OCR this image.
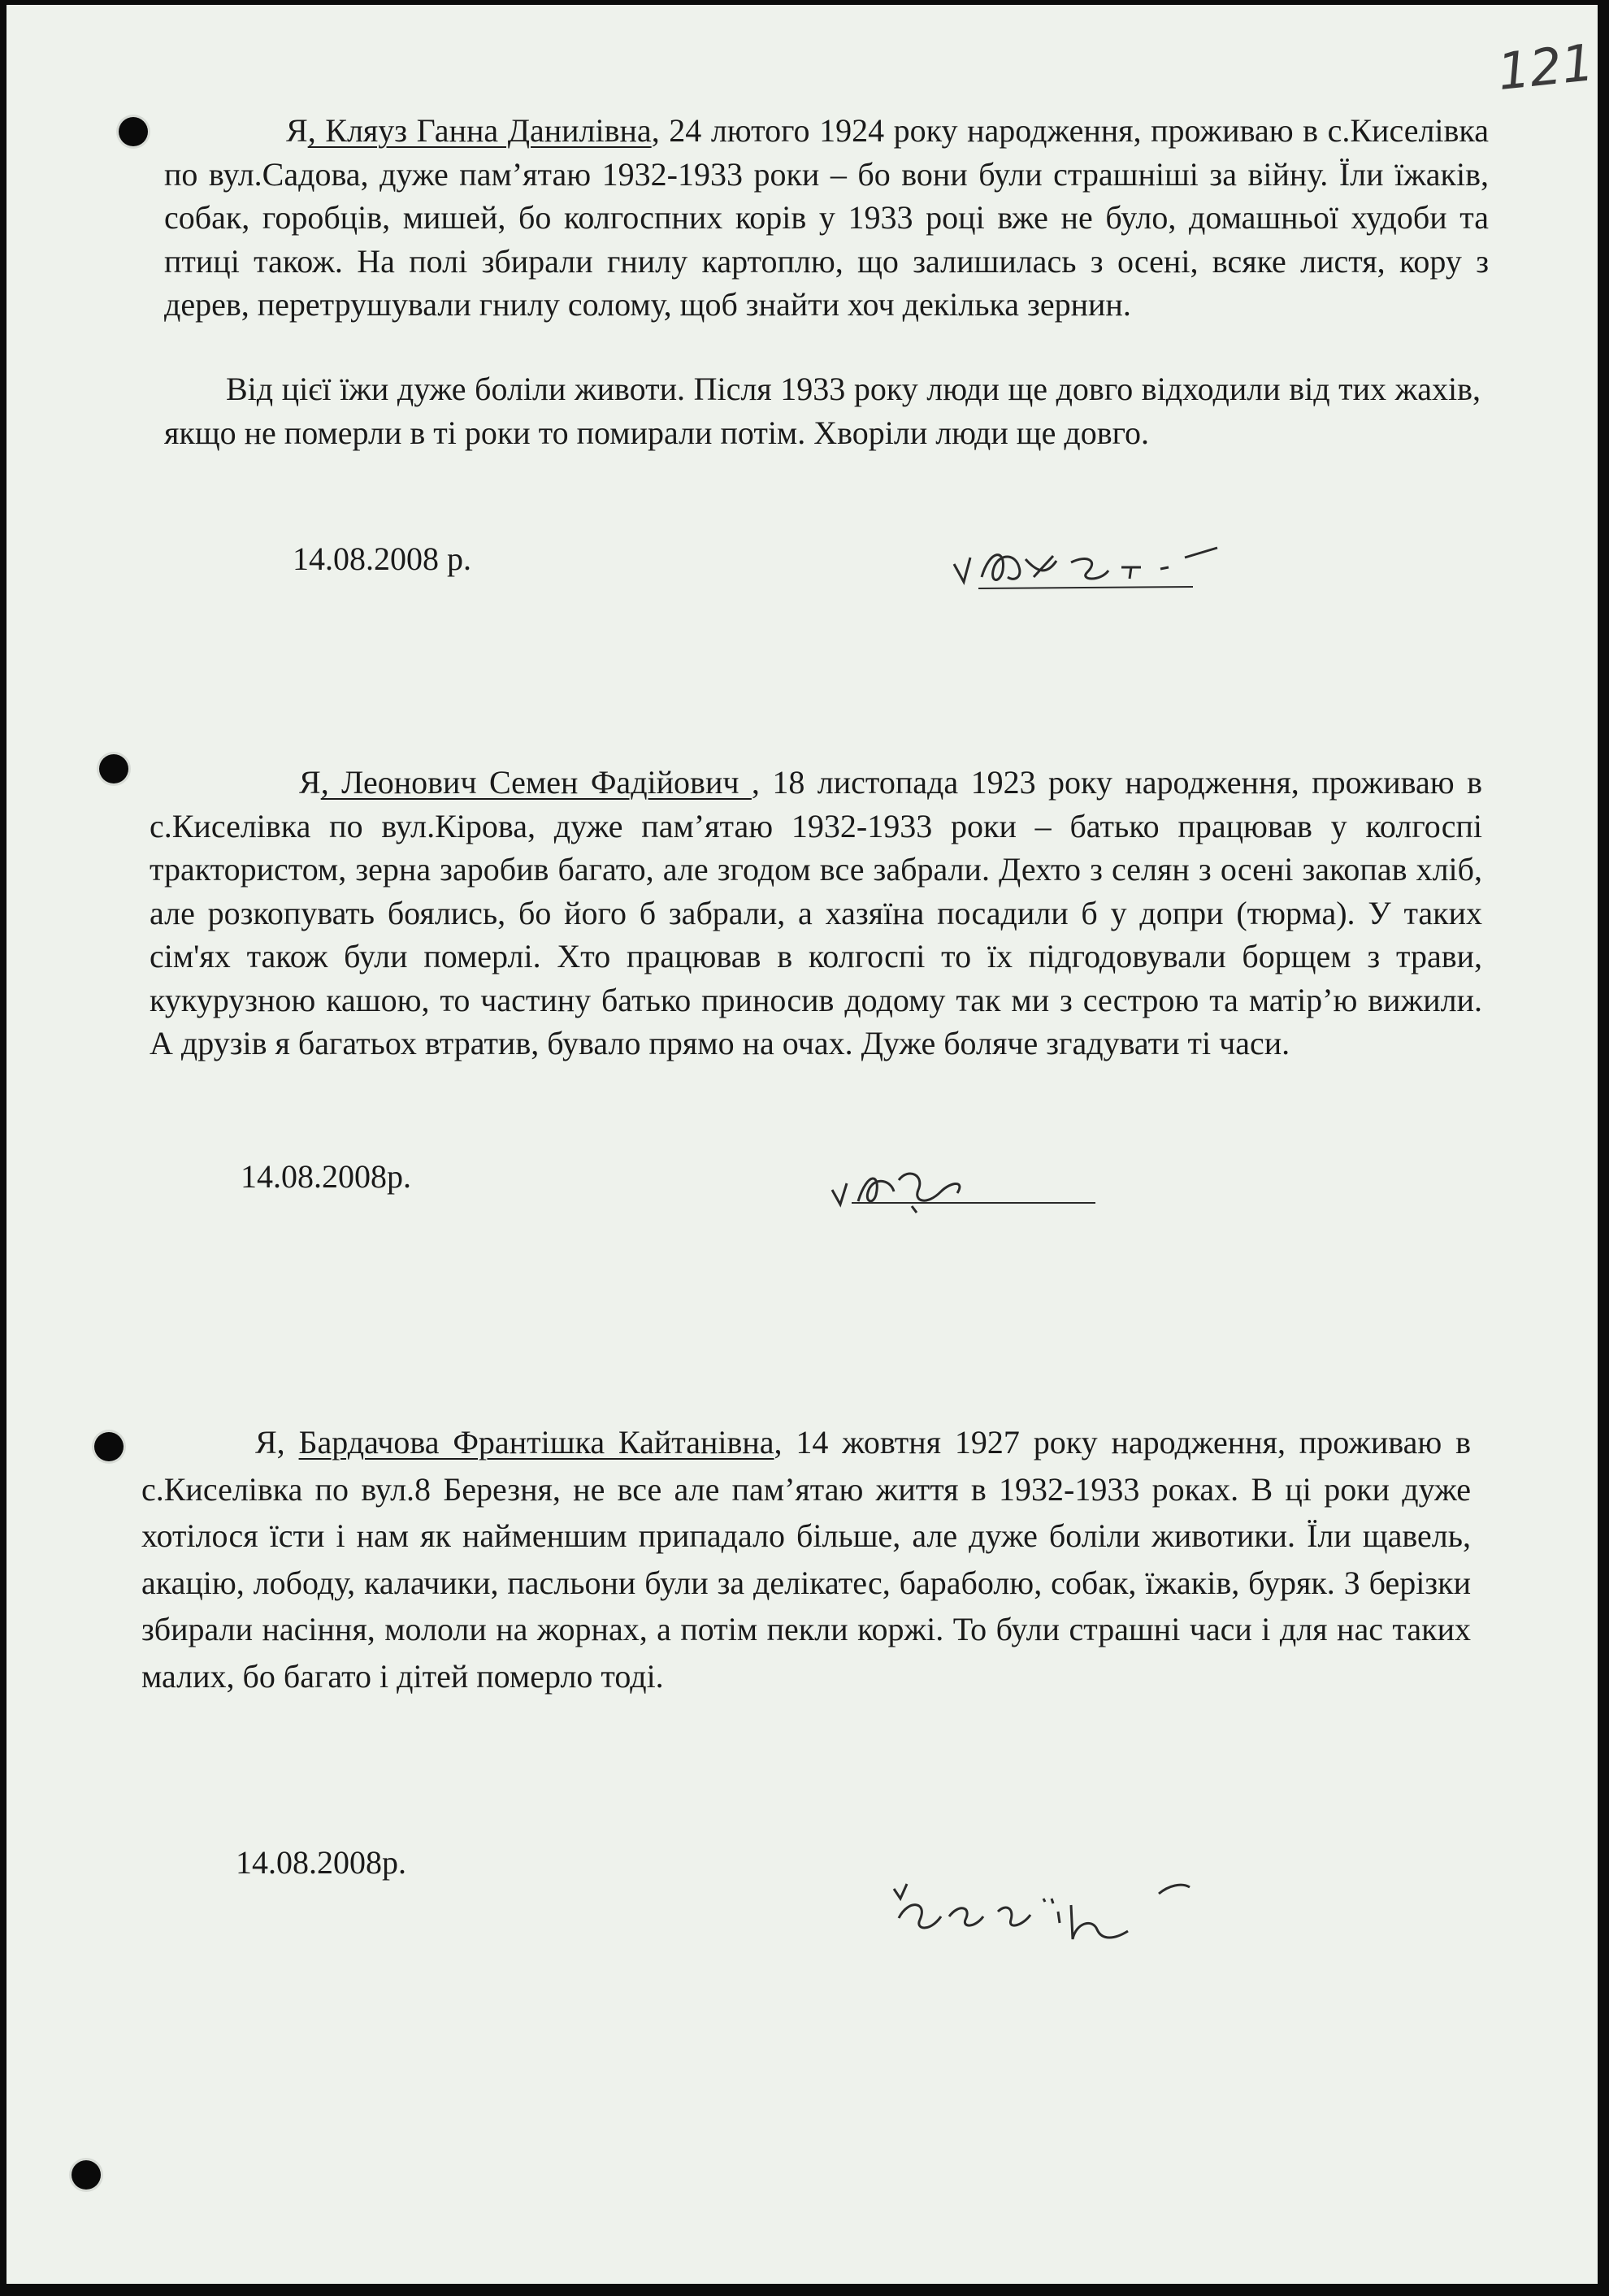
121

Я, Кляуз Ганна Данилівна, 24 лютого 1924 року народження, проживаю в с.Киселівка по вул.Садова, дуже пам’ятаю 1932-1933 роки – бо вони були страшніші за війну. Їли їжаків, собак, горобців, мишей, бо колгоспних корів у 1933 році вже не було, домашньої худоби та птиці також. На полі збирали гнилу картоплю, що залишилась з осені, всяке листя, кору з дерев, перетрушували гнилу солому, щоб знайти хоч декілька зернин.

Від цієї їжи дуже боліли животи. Після 1933 року люди ще довго відходили від тих жахів, якщо не померли в ті роки то помирали потім. Хворіли люди ще довго.

14.08.2008 р.

Я, Леонович Семен Фадійович , 18 листопада 1923 року народження, проживаю в с.Киселівка по вул.Кірова, дуже пам’ятаю 1932-1933 роки – батько працював у колгоспі трактористом, зерна заробив багато, але згодом все забрали. Дехто з селян з осені закопав хліб, але розкопувать боялись, бо його б забрали, а хазяїна посадили б у допри (тюрма). У таких сім'ях також були померлі. Хто працював в колгоспі то їх підгодовували борщем з трави, кукурузною кашою, то частину батько приносив додому так ми з сестрою та матір’ю вижили. А друзів я багатьох втратив, бувало прямо на очах. Дуже боляче згадувати ті часи.

14.08.2008р.

Я, Бардачова Франтішка Кайтанівна, 14 жовтня 1927 року народження, проживаю в с.Киселівка по вул.8 Березня, не все але пам’ятаю життя в 1932-1933 роках. В ці роки дуже хотілося їсти і нам як найменшим припадало більше, але дуже боліли животики. Їли щавель, акацію, лободу, калачики, пасльони були за делікатес, бараболю, собак, їжаків, буряк. З берізки збирали насіння, мололи на жорнах, а потім пекли коржі. То були страшні часи і для нас таких малих, бо багато і дітей померло тоді.

14.08.2008р.
